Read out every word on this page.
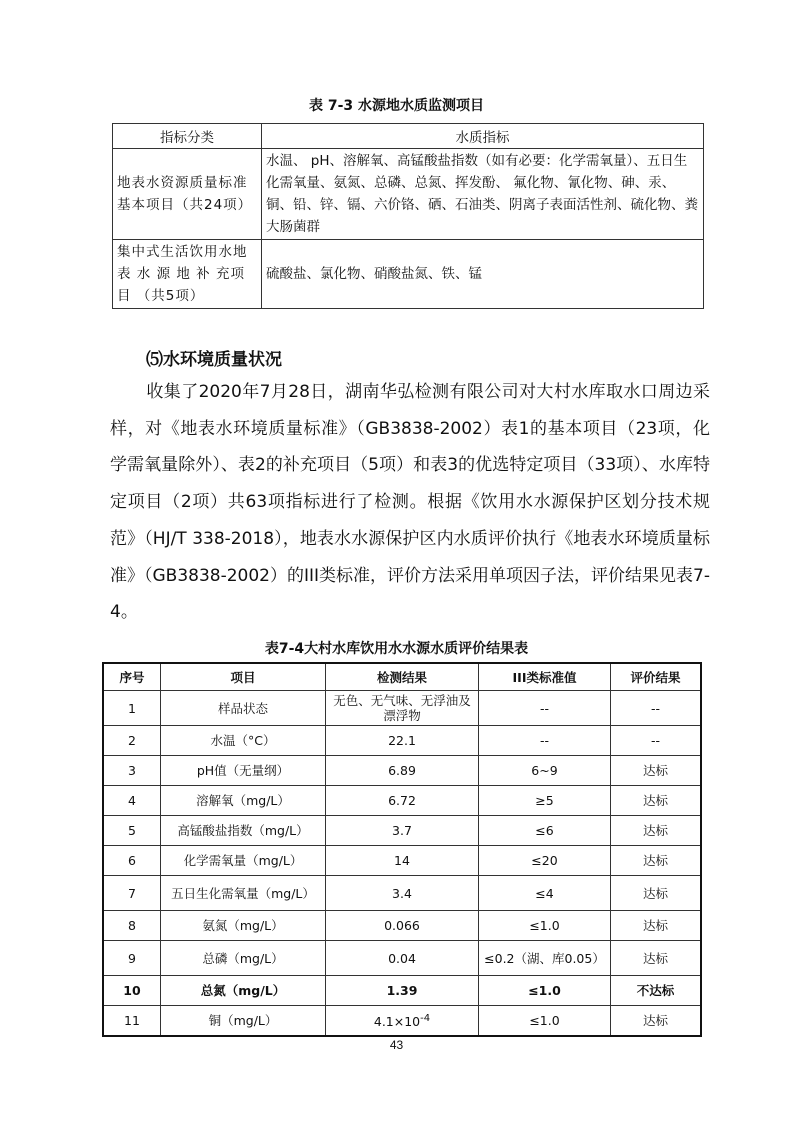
表 7-3 水源地水质监测项目
指标分类	水质指标
地表水资源质量标准 基本项目（共24项）	水温、 pH、溶解氧、高锰酸盐指数（如有必要：化学需氧量）、五日生化需氧量、氨氮、总磷、总氮、挥发酚、 氟化物、氰化物、砷、汞、铜、铅、锌、镉、六价铬、硒、石油类、阴离子表面活性剂、硫化物、粪大肠菌群
集中式生活饮用水地 表 水 源 地 补 充项目 （共5项）	硫酸盐、氯化物、硝酸盐氮、铁、锰
⑸水环境质量状况
收集了2020年7月28日，湖南华弘检测有限公司对大村水库取水口周边采样，对《地表水环境质量标准》（GB3838-2002）表1的基本项目（23项，化学需氧量除外）、表2的补充项目（5项）和表3的优选特定项目（33项）、水库特定项目（2项）共63项指标进行了检测。根据《饮用水水源保护区划分技术规范》（HJ/T 338-2018），地表水水源保护区内水质评价执行《地表水环境质量标准》（GB3838-2002）的III类标准，评价方法采用单项因子法，评价结果见表7-4。
表7-4大村水库饮用水水源水质评价结果表
序号	项目	检测结果	III类标准值	评价结果
1	样品状态	无色、无气味、无浮油及漂浮物	--	--
2	水温（°C）	22.1	--	--
3	pH值（无量纲）	6.89	6~9	达标
4	溶解氧（mg/L）	6.72	≥5	达标
5	高锰酸盐指数（mg/L）	3.7	≤6	达标
6	化学需氧量（mg/L）	14	≤20	达标
7	五日生化需氧量（mg/L）	3.4	≤4	达标
8	氨氮（mg/L）	0.066	≤1.0	达标
9	总磷（mg/L）	0.04	≤0.2（湖、库0.05）	达标
10	总氮（mg/L）	1.39	≤1.0	不达标
11	铜（mg/L）	$4.1\times 10^{-4}$	≤1.0	达标
43
